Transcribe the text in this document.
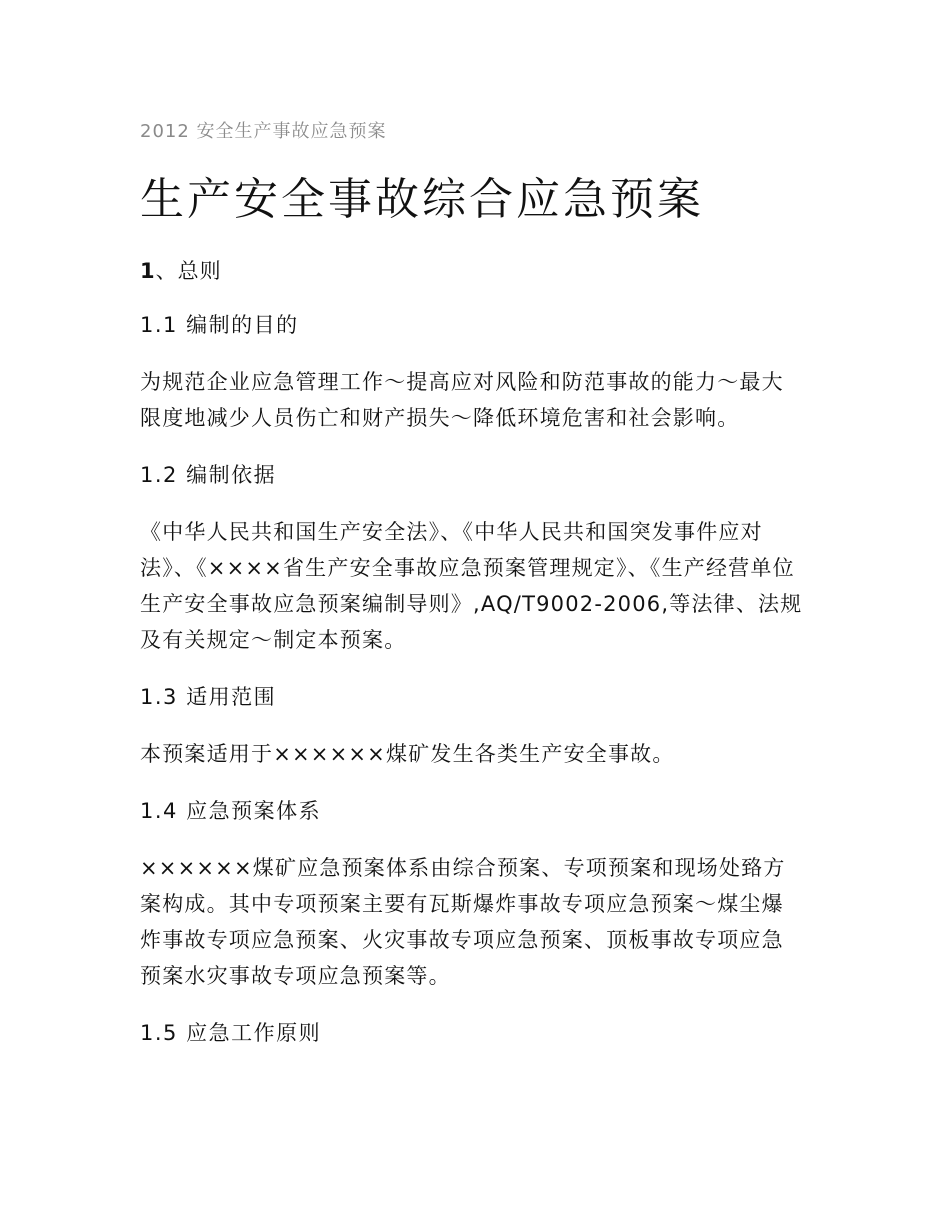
2012 安全生产事故应急预案

生产安全事故综合应急预案

1、总则

1.1 编制的目的

为规范企业应急管理工作～提高应对风险和防范事故的能力～最大限度地减少人员伤亡和财产损失～降低环境危害和社会影响。

1.2 编制依据

《中华人民共和国生产安全法》、《中华人民共和国突发事件应对法》、《××××省生产安全事故应急预案管理规定》、《生产经营单位生产安全事故应急预案编制导则》,AQ/T9002-2006,等法律、法规及有关规定～制定本预案。

1.3 适用范围

本预案适用于××××××煤矿发生各类生产安全事故。

1.4 应急预案体系

××××××煤矿应急预案体系由综合预案、专项预案和现场处臵方案构成。其中专项预案主要有瓦斯爆炸事故专项应急预案～煤尘爆炸事故专项应急预案、火灾事故专项应急预案、顶板事故专项应急预案水灾事故专项应急预案等。

1.5 应急工作原则
